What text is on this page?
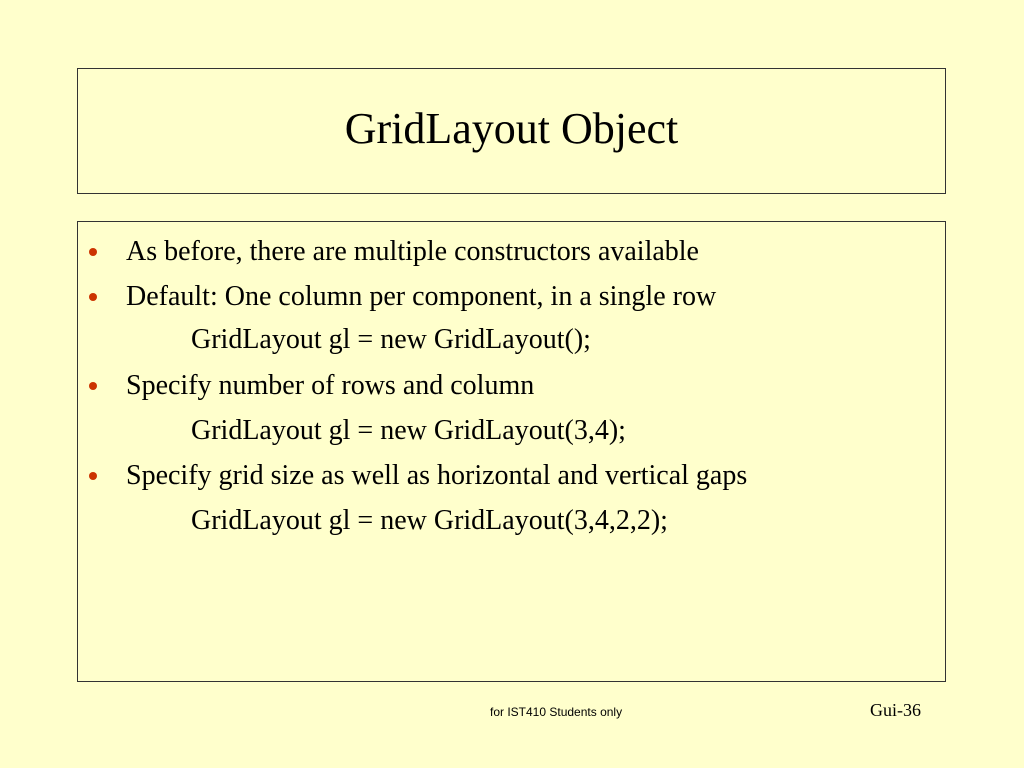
GridLayout Object
As before, there are multiple constructors available
Default: One column per component, in a single row
GridLayout gl = new GridLayout();
Specify number of rows and column
GridLayout gl = new GridLayout(3,4);
Specify grid size as well as horizontal and vertical gaps
GridLayout gl = new GridLayout(3,4,2,2);
for IST410 Students only	Gui-36
